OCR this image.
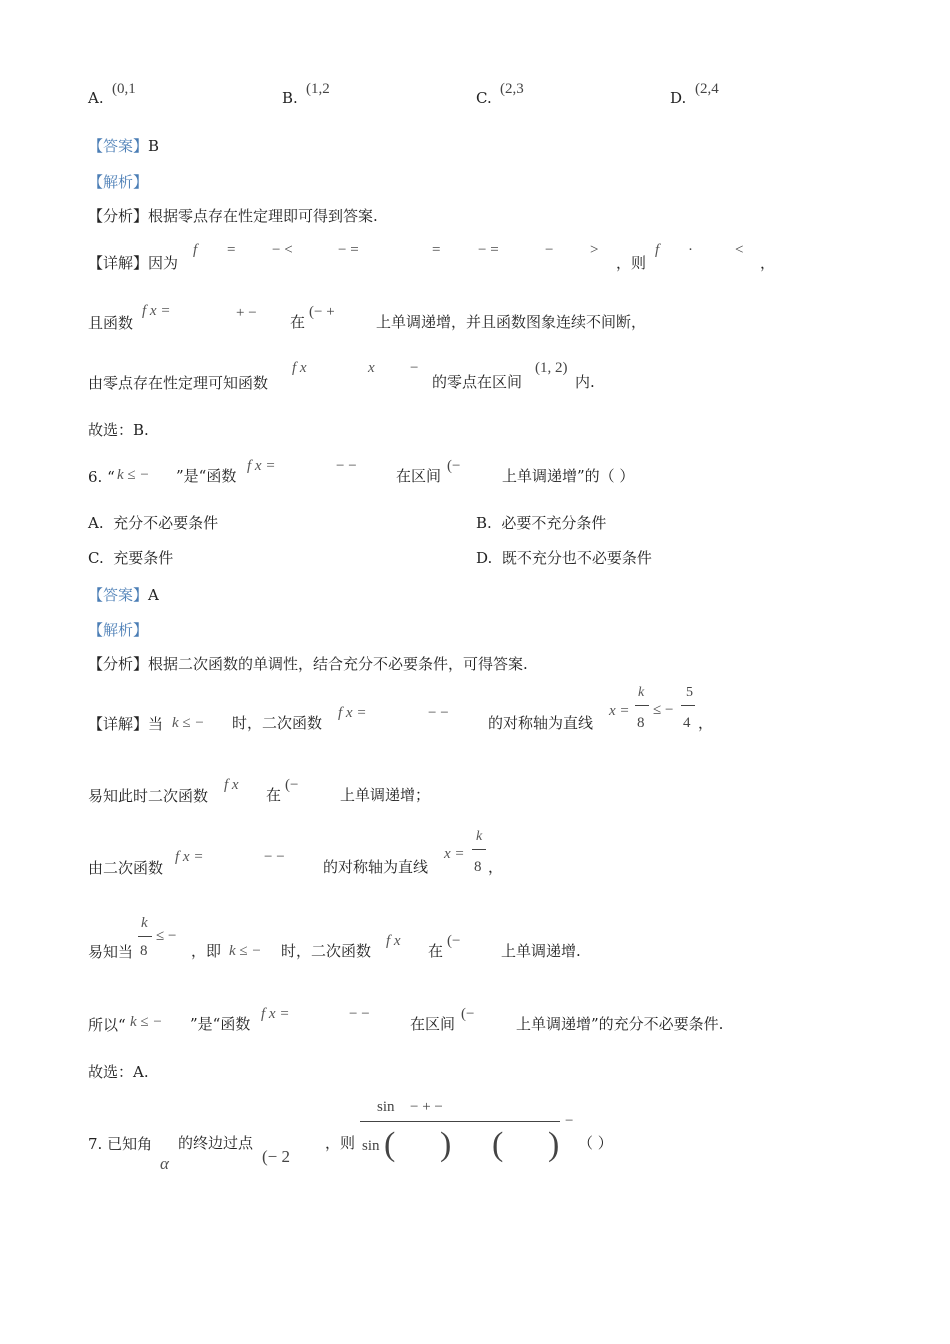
A. (0,1	B. (1,2	C. (2,3	D. (2,4
【答案】B
【解析】
【分析】根据零点存在性定理即可得到答案.
【详解】因为
f = − <	− =	=	− =	− >
，则
f ·	<
，
且函数
f x =	+ − 在
(− +
上单调递增，并且函数图象连续不间断，
由零点存在性定理可知函数
f x	x −
的零点在区间
(1, 2)
内.
故选：B.
6. “ k ≤ − ”是“函数
f x =	− −
在区间
(−
上单调递增”的（ ）
A. 充分不必要条件	B. 必要不充分条件
C. 充要条件	D. 既不充分也不必要条件
【答案】A
【解析】
【分析】根据二次函数的单调性，结合充分不必要条件，可得答案.
【详解】当 k ≤ − 时，二次函数
f x =	− −
的对称轴为直线
x =
k
8
≤ −
5
4 ，
易知此时二次函数
f x
在
(−
上单调递增；
由二次函数
f x =	− −
的对称轴为直线
x =
k
8 ，
易知当
k
8
≤ −
，即 k ≤ − 时，二次函数
f x
在
(−
上单调递增.
所以“ k ≤ − ”是“函数
f x =	− −
在区间
(−
上单调递增”的充分不必要条件.
故选：A.
7. 已知角
α
的终边过点
(− 2
，则
sin − + −
−
sin ( ) ( ) （ ）
